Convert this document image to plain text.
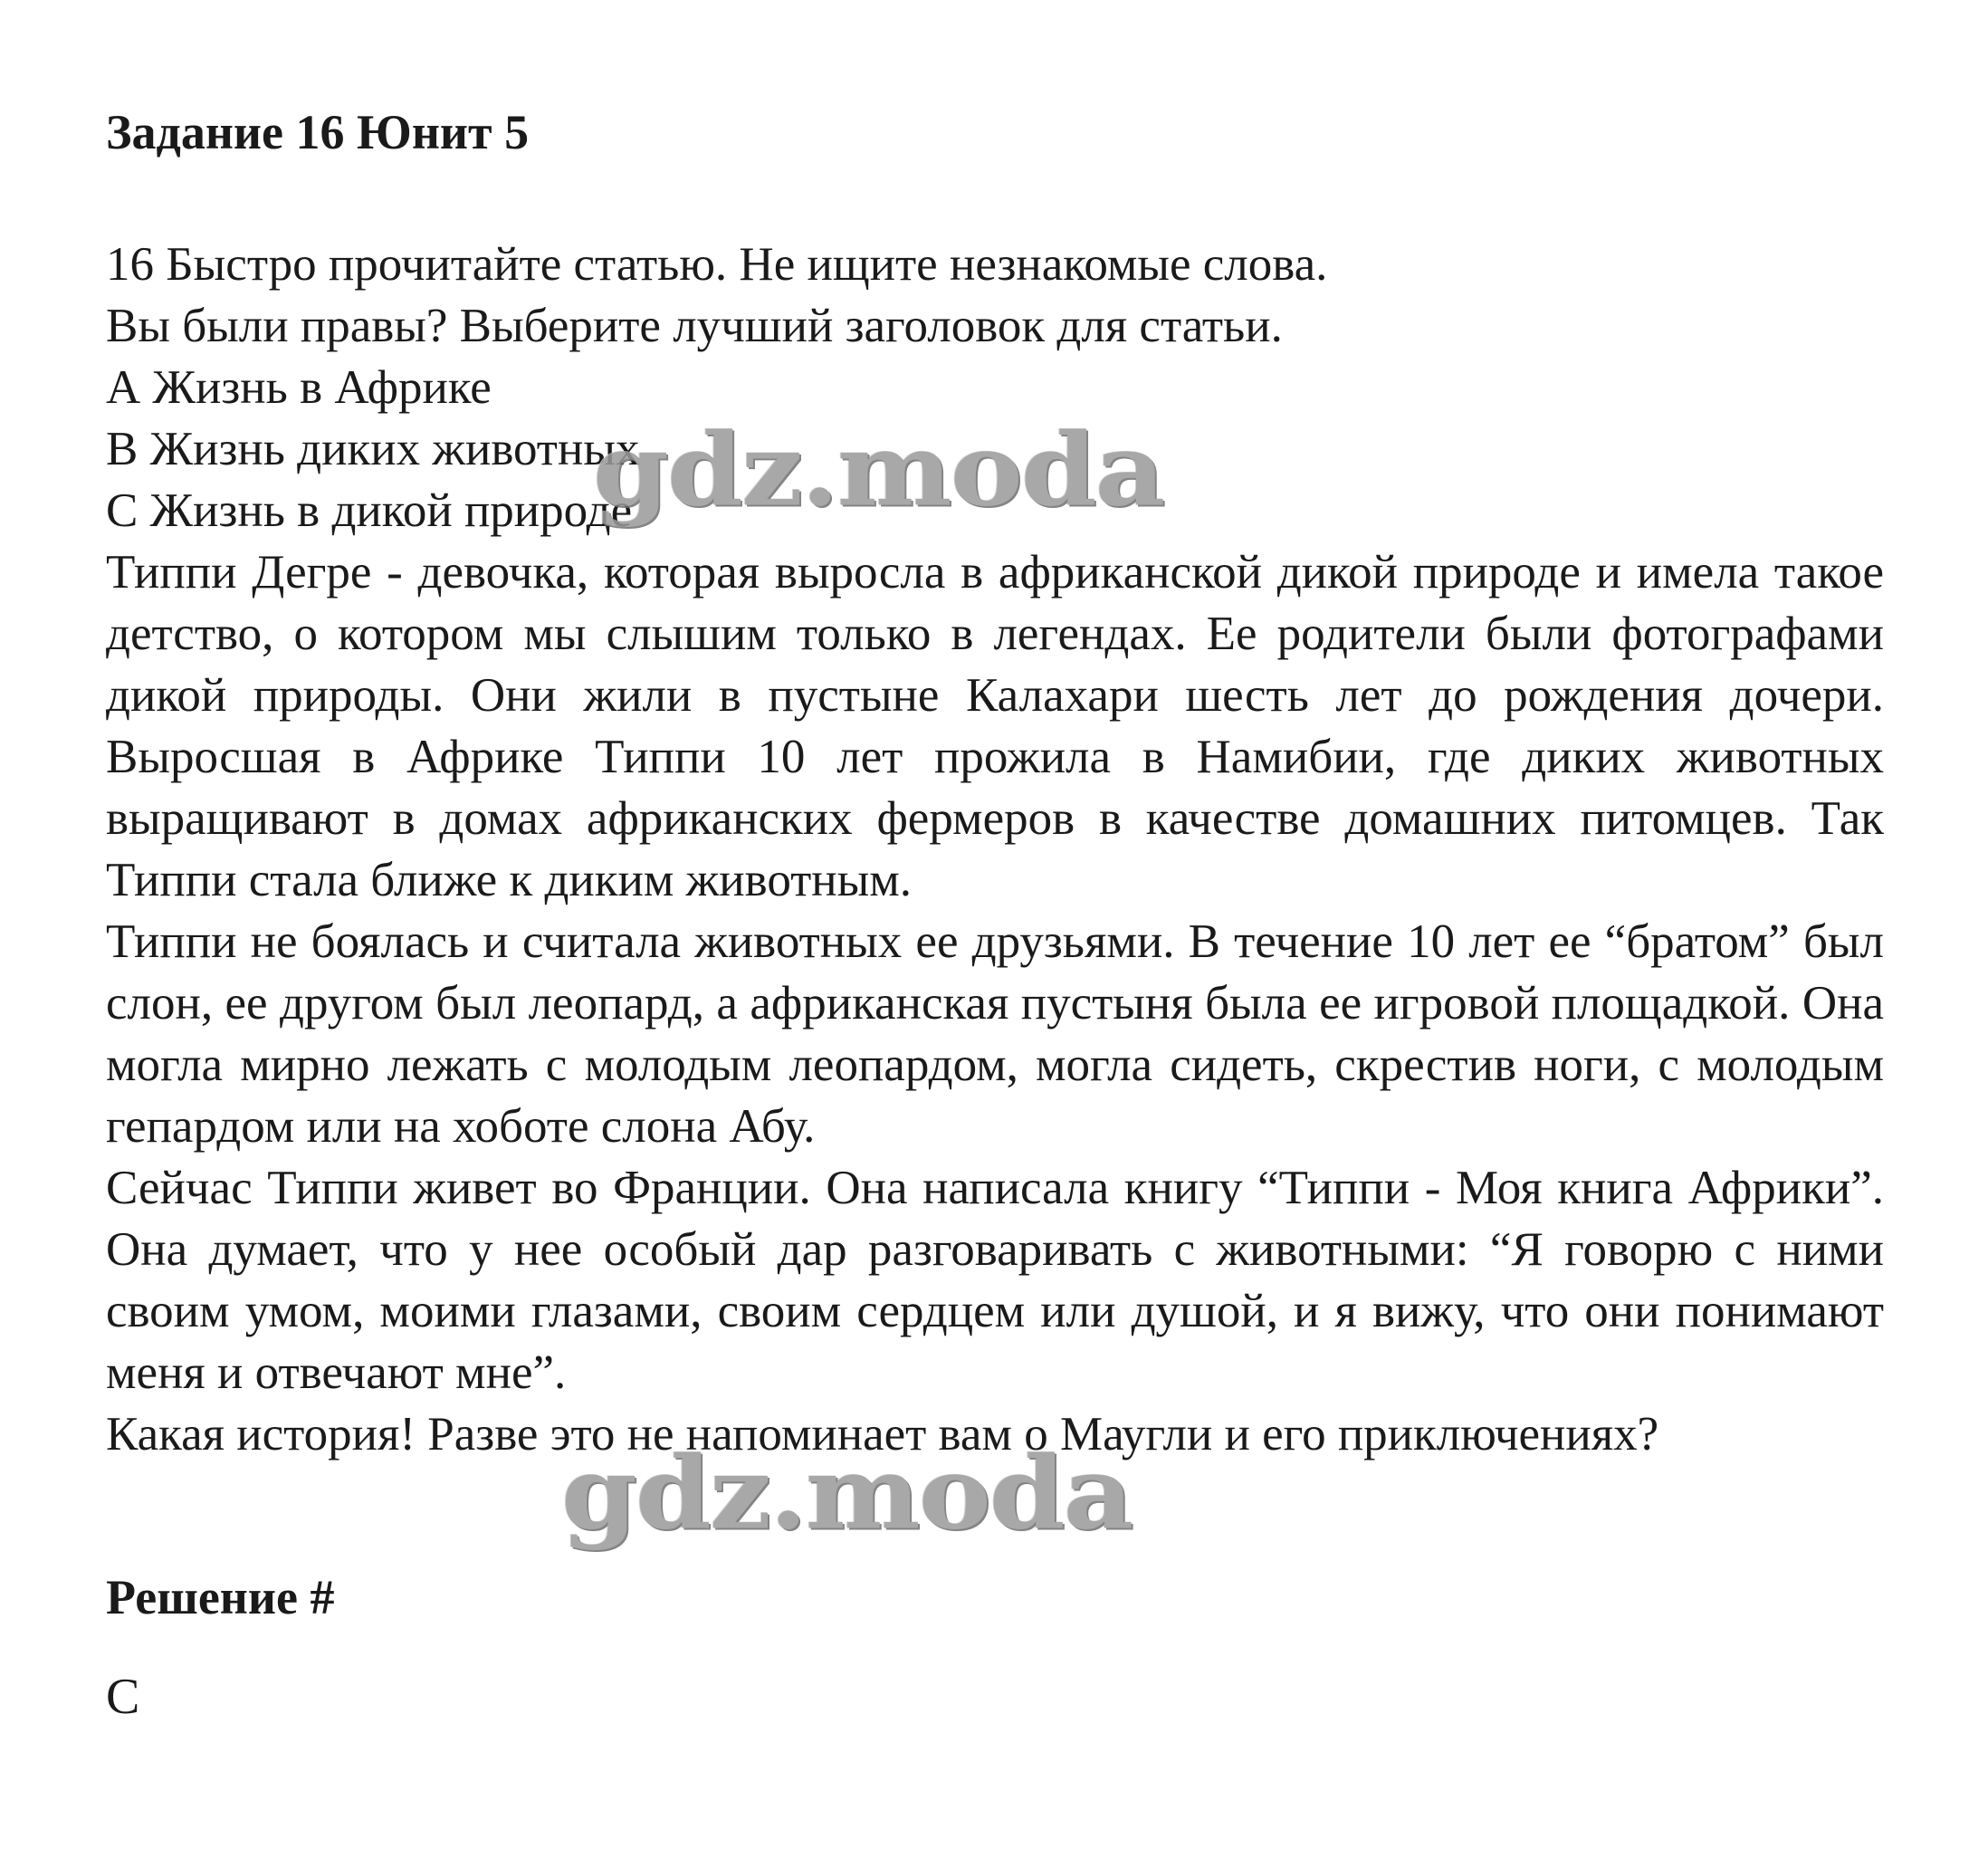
Задание 16 Юнит 5
16 Быстро прочитайте статью. Не ищите незнакомые слова.
Вы были правы? Выберите лучший заголовок для статьи.
А Жизнь в Африке
В Жизнь диких животных
С Жизнь в дикой природе
Типпи Дегре - девочка, которая выросла в африканской дикой природе и имела такое детство, о котором мы слышим только в легендах. Ее родители были фотографами дикой природы. Они жили в пустыне Калахари шесть лет до рождения дочери. Выросшая в Африке Типпи 10 лет прожила в Намибии, где диких животных выращивают в домах африканских фермеров в качестве домашних питомцев. Так Типпи стала ближе к диким животным.
Типпи не боялась и считала животных ее друзьями. В течение 10 лет ее “братом” был слон, ее другом был леопард, а африканская пустыня была ее игровой площадкой. Она могла мирно лежать с молодым леопардом, могла сидеть, скрестив ноги, с молодым гепардом или на хоботе слона Абу.
Сейчас Типпи живет во Франции. Она написала книгу “Типпи - Моя книга Африки”. Она думает, что у нее особый дар разговаривать с животными: “Я говорю с ними своим умом, моими глазами, своим сердцем или душой, и я вижу, что они понимают меня и отвечают мне”.
Какая история! Разве это не напоминает вам о Маугли и его приключениях?
Решение #
С
gdz.moda
gdz.moda
